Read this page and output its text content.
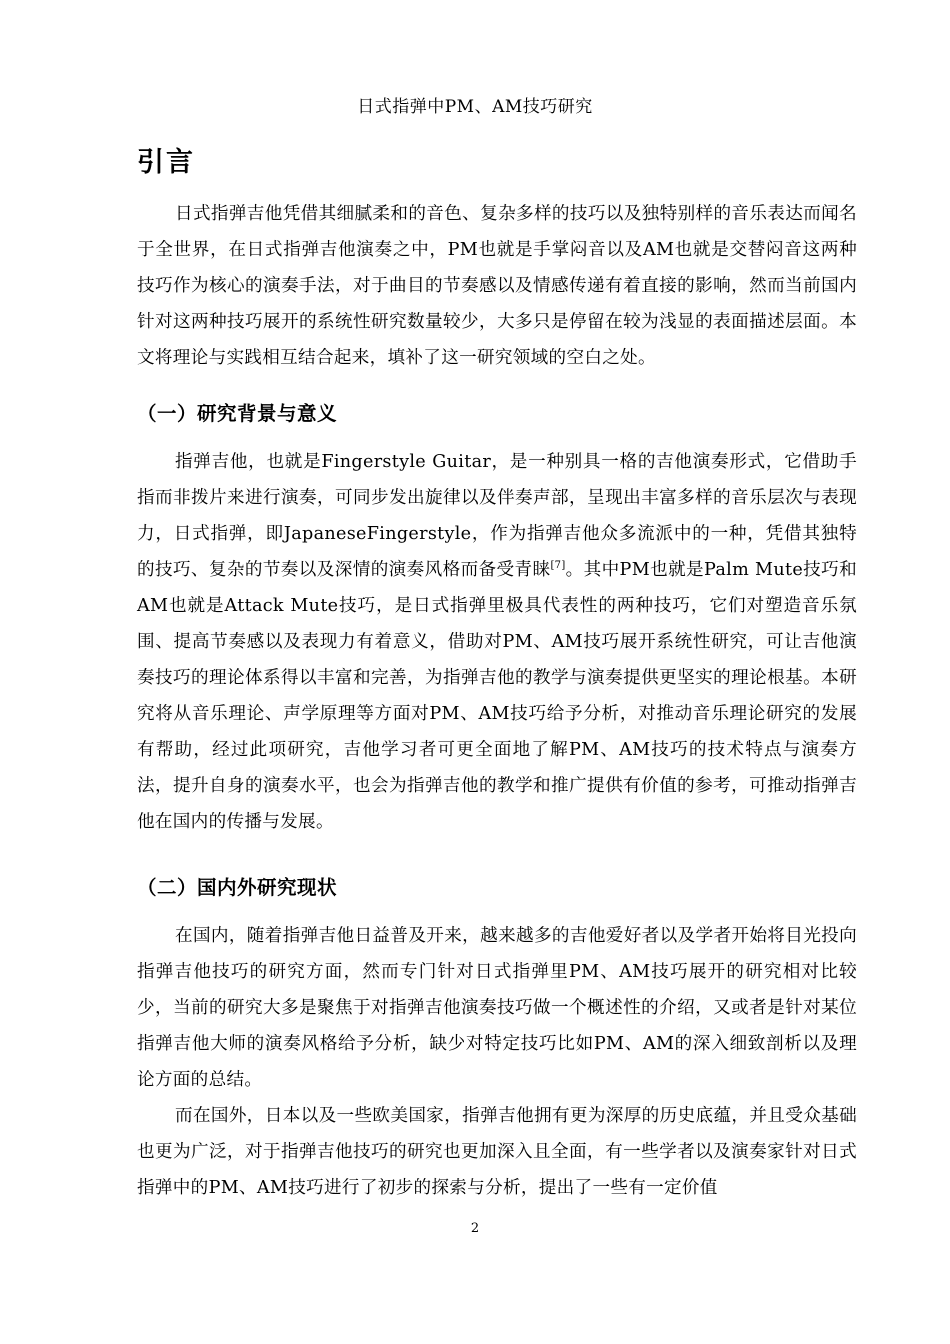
日式指弹中PM、AM技巧研究
引言

日式指弹吉他凭借其细腻柔和的音色、复杂多样的技巧以及独特别样的音乐表达而闻名于全世界，在日式指弹吉他演奏之中，PM也就是手掌闷音以及AM也就是交替闷音这两种技巧作为核心的演奏手法，对于曲目的节奏感以及情感传递有着直接的影响，然而当前国内针对这两种技巧展开的系统性研究数量较少，大多只是停留在较为浅显的表面描述层面。本文将理论与实践相互结合起来，填补了这一研究领域的空白之处。

（一）研究背景与意义

指弹吉他，也就是Fingerstyle Guitar，是一种别具一格的吉他演奏形式，它借助手指而非拨片来进行演奏，可同步发出旋律以及伴奏声部，呈现出丰富多样的音乐层次与表现力，日式指弹，即JapaneseFingerstyle，作为指弹吉他众多流派中的一种，凭借其独特的技巧、复杂的节奏以及深情的演奏风格而备受青睐[7]。其中PM也就是Palm Mute技巧和AM也就是Attack Mute技巧，是日式指弹里极具代表性的两种技巧，它们对塑造音乐氛围、提高节奏感以及表现力有着意义，借助对PM、AM技巧展开系统性研究，可让吉他演奏技巧的理论体系得以丰富和完善，为指弹吉他的教学与演奏提供更坚实的理论根基。本研究将从音乐理论、声学原理等方面对PM、AM技巧给予分析，对推动音乐理论研究的发展有帮助，经过此项研究，吉他学习者可更全面地了解PM、AM技巧的技术特点与演奏方法，提升自身的演奏水平，也会为指弹吉他的教学和推广提供有价值的参考，可推动指弹吉他在国内的传播与发展。

（二）国内外研究现状

在国内，随着指弹吉他日益普及开来，越来越多的吉他爱好者以及学者开始将目光投向指弹吉他技巧的研究方面，然而专门针对日式指弹里PM、AM技巧展开的研究相对比较少，当前的研究大多是聚焦于对指弹吉他演奏技巧做一个概述性的介绍，又或者是针对某位指弹吉他大师的演奏风格给予分析，缺少对特定技巧比如PM、AM的深入细致剖析以及理论方面的总结。

而在国外，日本以及一些欧美国家，指弹吉他拥有更为深厚的历史底蕴，并且受众基础也更为广泛，对于指弹吉他技巧的研究也更加深入且全面，有一些学者以及演奏家针对日式指弹中的PM、AM技巧进行了初步的探索与分析，提出了一些有一定价值

2
